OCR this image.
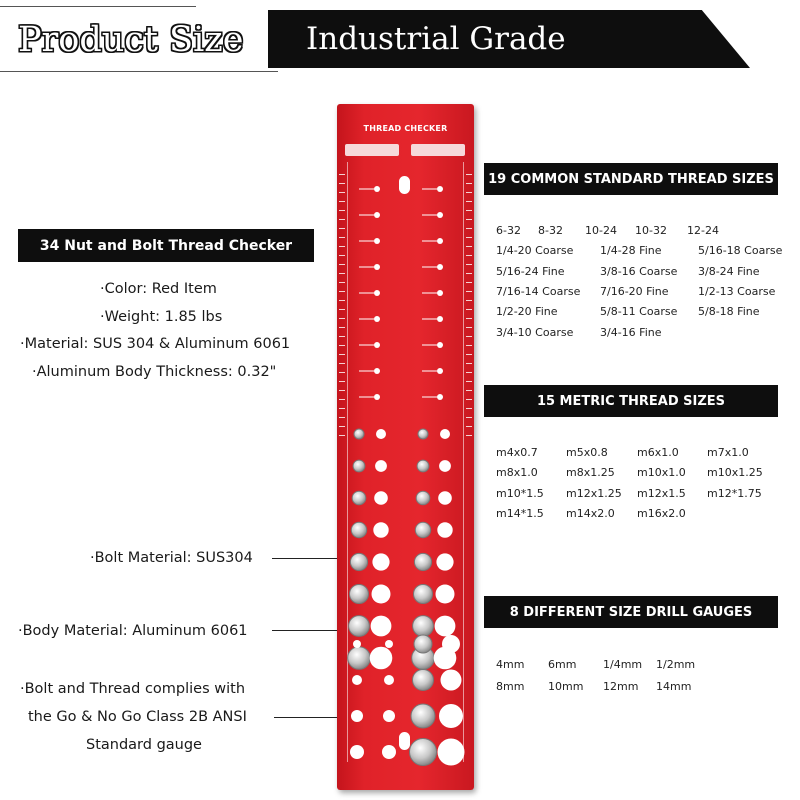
Product Size	Industrial Grade
34 Nut and Bolt Thread Checker
·Color: Red Item
·Weight: 1.85 lbs
·Material: SUS 304 & Aluminum 6061
·Aluminum Body Thickness: 0.32"
·Bolt Material: SUS304
·Body Material: Aluminum 6061
·Bolt and Thread complies with
the Go & No Go Class 2B ANSI
Standard gauge
THREAD CHECKER
19 COMMON STANDARD THREAD SIZES
6-32 8-32 10-24 10-32 12-24
1/4-20 Coarse 1/4-28 Fine	5/16-18 Coarse
5/16-24 Fine	3/8-16 Coarse 3/8-24 Fine
7/16-14 Coarse 7/16-20 Fine	1/2-13 Coarse
1/2-20 Fine	5/8-11 Coarse 5/8-18 Fine
3/4-10 Coarse 3/4-16 Fine
15 METRIC THREAD SIZES
m4x0.7	m5x0.8	m6x1.0	m7x1.0
m8x1.0	m8x1.25 m10x1.0 m10x1.25
m10*1.5 m12x1.25 m12x1.5 m12*1.75
m14*1.5 m14x2.0 m16x2.0
8 DIFFERENT SIZE DRILL GAUGES
4mm 6mm 1/4mm 1/2mm
8mm 10mm 12mm 14mm
